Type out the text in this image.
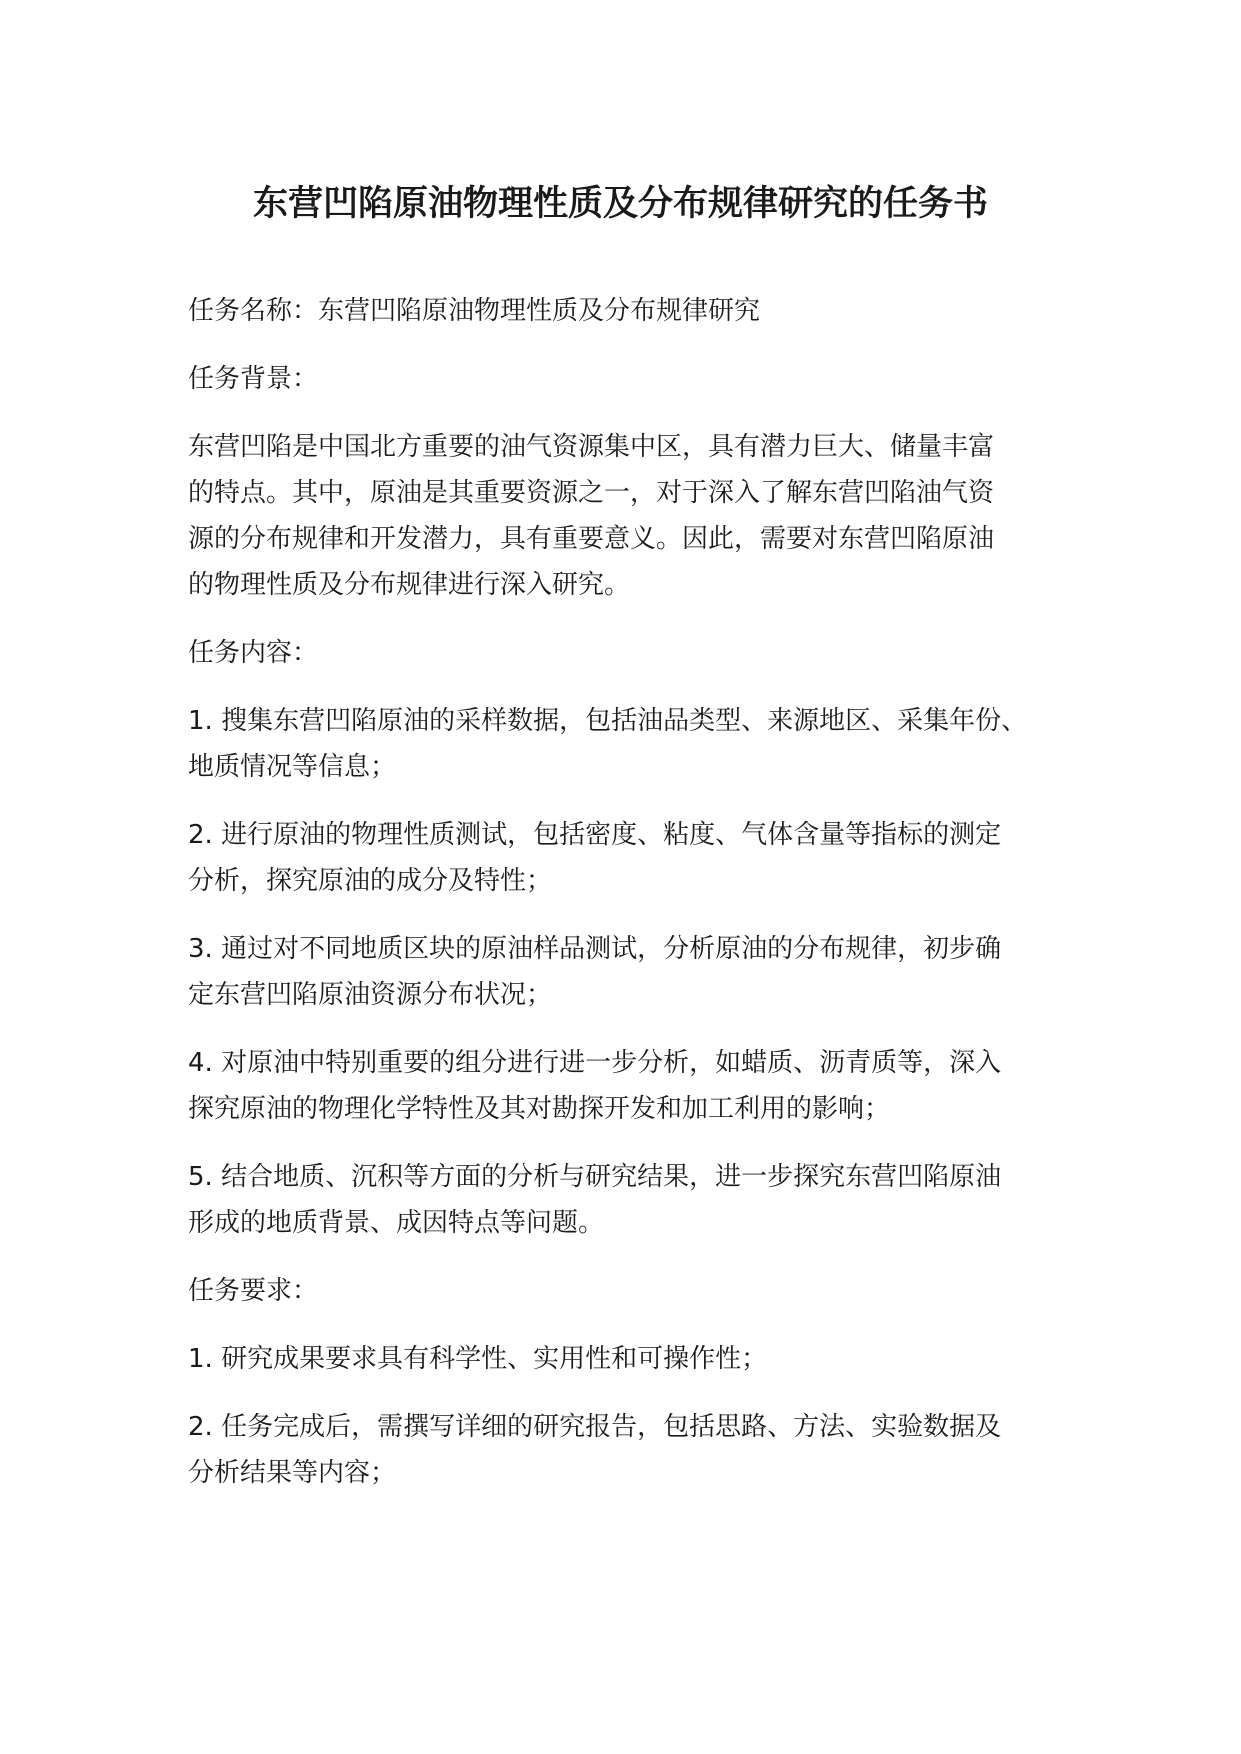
东营凹陷原油物理性质及分布规律研究的任务书

任务名称：东营凹陷原油物理性质及分布规律研究

任务背景：

东营凹陷是中国北方重要的油气资源集中区，具有潜力巨大、储量丰富
的特点。其中，原油是其重要资源之一，对于深入了解东营凹陷油气资
源的分布规律和开发潜力，具有重要意义。因此，需要对东营凹陷原油
的物理性质及分布规律进行深入研究。

任务内容：

1. 搜集东营凹陷原油的采样数据，包括油品类型、来源地区、采集年份、
地质情况等信息；

2. 进行原油的物理性质测试，包括密度、粘度、气体含量等指标的测定
分析，探究原油的成分及特性；

3. 通过对不同地质区块的原油样品测试，分析原油的分布规律，初步确
定东营凹陷原油资源分布状况；

4. 对原油中特别重要的组分进行进一步分析，如蜡质、沥青质等，深入
探究原油的物理化学特性及其对勘探开发和加工利用的影响；

5. 结合地质、沉积等方面的分析与研究结果，进一步探究东营凹陷原油
形成的地质背景、成因特点等问题。

任务要求：

1. 研究成果要求具有科学性、实用性和可操作性；

2. 任务完成后，需撰写详细的研究报告，包括思路、方法、实验数据及
分析结果等内容；
